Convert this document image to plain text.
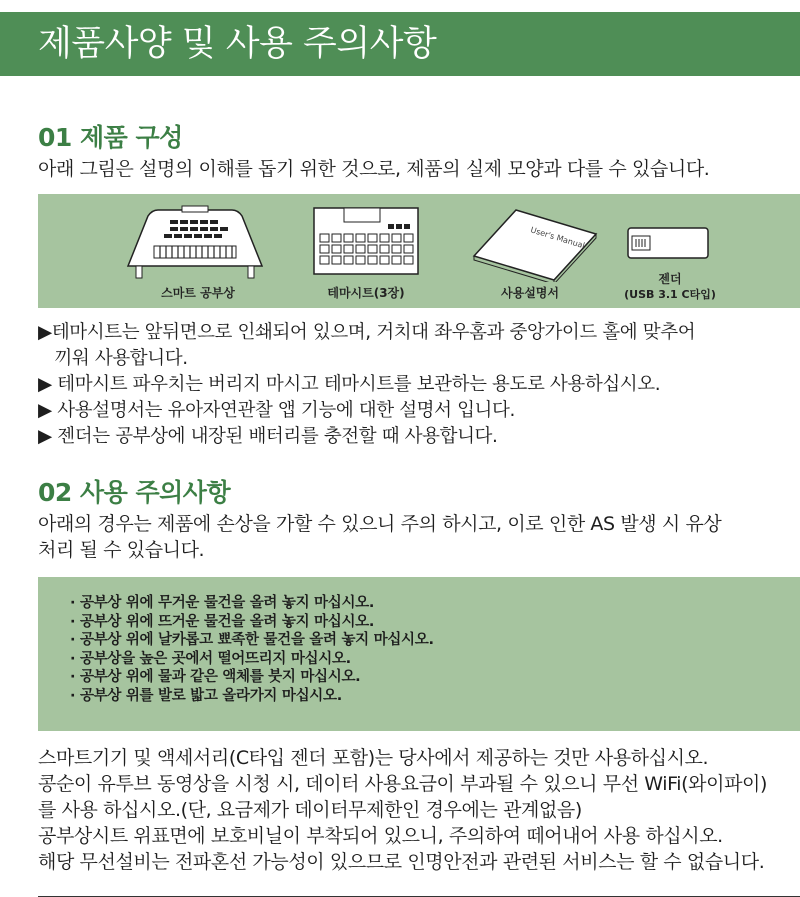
제품사양 및 사용 주의사항
01 제품 구성

아래 그림은 설명의 이해를 돕기 위한 것으로, 제품의 실제 모양과 다를 수 있습니다.

스마트 공부상	테마시트(3장)
User's Manual
사용설명서
젠더
(USB 3.1 C타입)
▶테마시트는 앞뒤면으로 인쇄되어 있으며, 거치대 좌우홈과 중앙가이드 홀에 맞추어
끼워 사용합니다.
▶ 테마시트 파우치는 버리지 마시고 테마시트를 보관하는 용도로 사용하십시오.
▶ 사용설명서는 유아자연관찰 앱 기능에 대한 설명서 입니다.
▶ 젠더는 공부상에 내장된 배터리를 충전할 때 사용합니다.
02 사용 주의사항

아래의 경우는 제품에 손상을 가할 수 있으니 주의 하시고, 이로 인한 AS 발생 시 유상

처리 될 수 있습니다.

· 공부상 위에 무거운 물건을 올려 놓지 마십시오.
· 공부상 위에 뜨거운 물건을 올려 놓지 마십시오.
· 공부상 위에 날카롭고 뾰족한 물건을 올려 놓지 마십시오.
· 공부상을 높은 곳에서 떨어뜨리지 마십시오.
· 공부상 위에 물과 같은 액체를 붓지 마십시오.
· 공부상 위를 발로 밟고 올라가지 마십시오.

스마트기기 및 액세서리(C타입 젠더 포함)는 당사에서 제공하는 것만 사용하십시오.

콩순이 유투브 동영상을 시청 시, 데이터 사용요금이 부과될 수 있으니 무선 WiFi(와이파이)

를 사용 하십시오.(단, 요금제가 데이터무제한인 경우에는 관계없음)

공부상시트 위표면에 보호비닐이 부착되어 있으니, 주의하여 떼어내어 사용 하십시오.

해당 무선설비는 전파혼선 가능성이 있으므로 인명안전과 관련된 서비스는 할 수 없습니다.
